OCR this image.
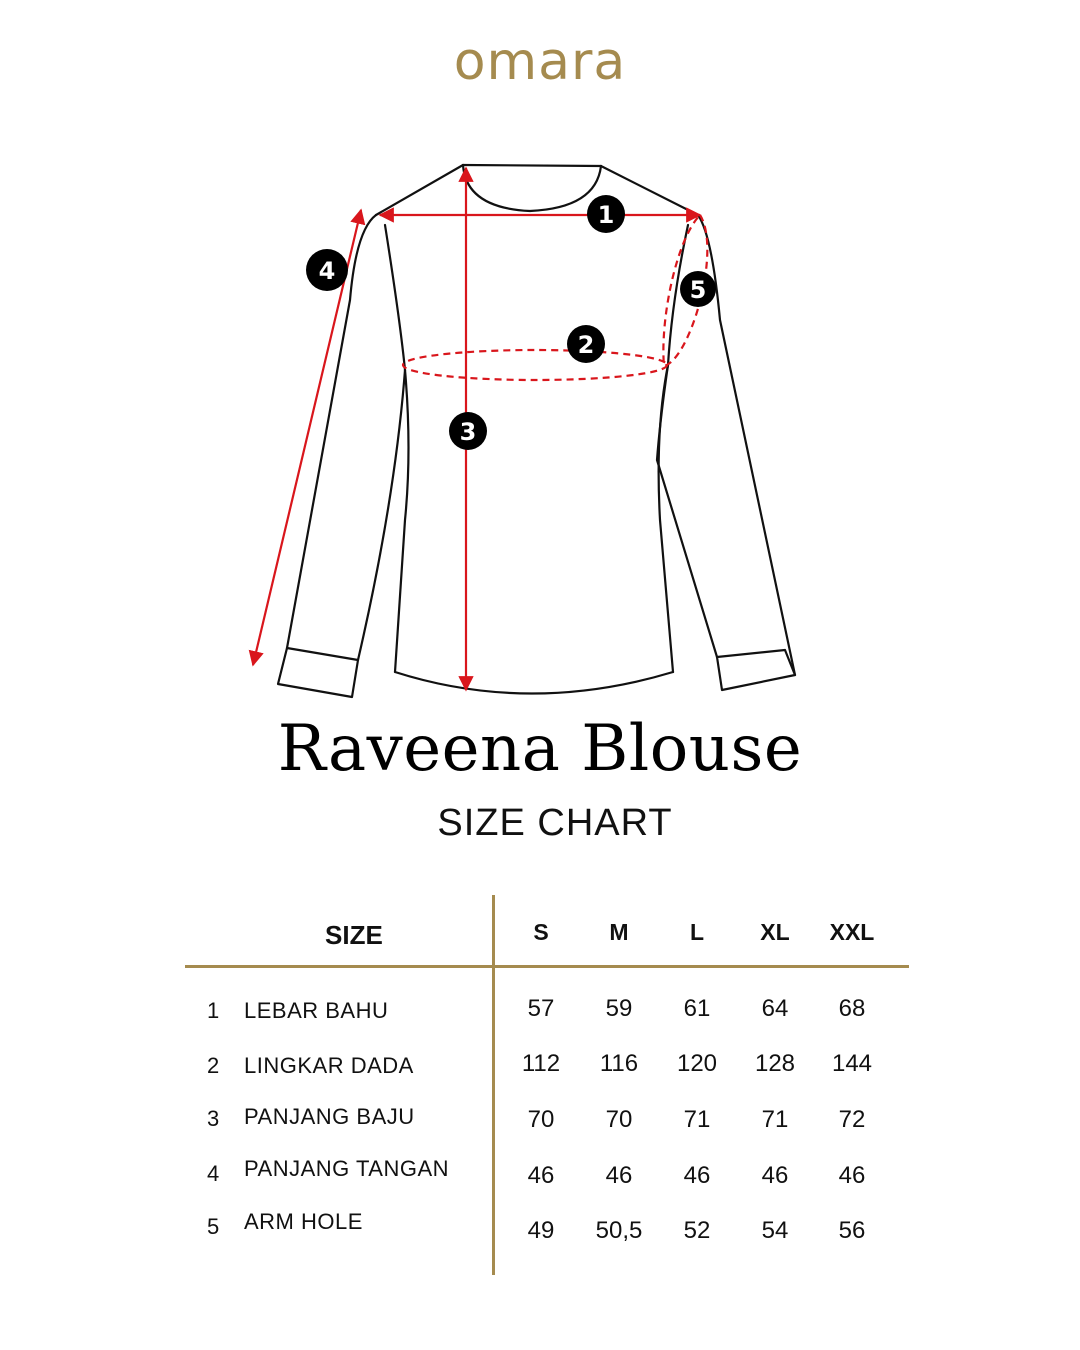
omara
1
2
3
4
5
Raveena Blouse
SIZE CHART
SIZE	S	M	L	XL	XXL
1 LEBAR BAHU	57	59	61	64	68
2 LINGKAR DADA	112	116	120	128	144
3 PANJANG BAJU	70	70	71	71	72
4 PANJANG TANGAN	46	46	46	46	46
5 ARM HOLE	49	50,5	52	54	56
